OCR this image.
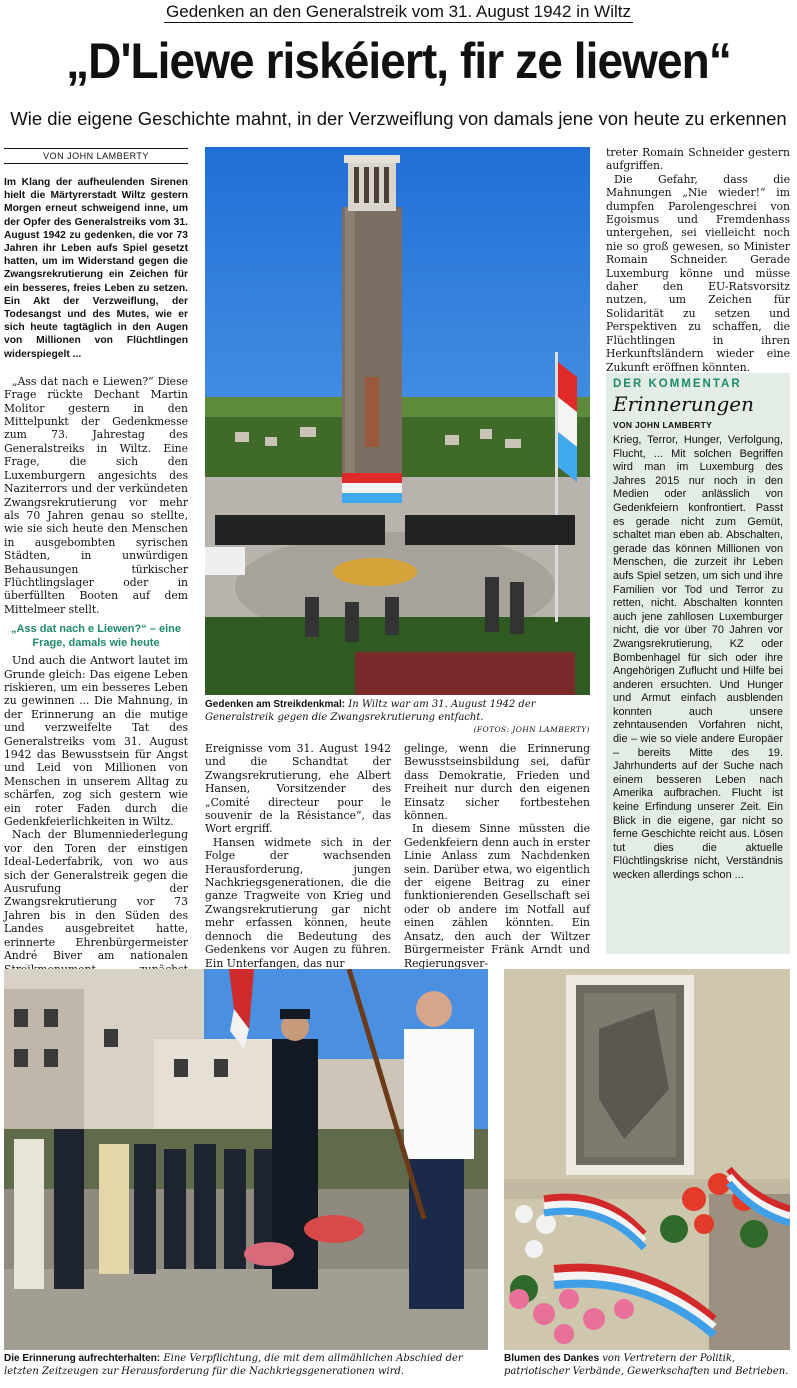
Gedenken an den Generalstreik vom 31. August 1942 in Wiltz
„D'Liewe riskéiert, fir ze liewen“
Wie die eigene Geschichte mahnt, in der Verzweiflung von damals jene von heute zu erkennen
VON JOHN LAMBERTY

Im Klang der aufheulenden Sirenen hielt die Märtyrerstadt Wiltz gestern Morgen erneut schweigend inne, um der Opfer des Generalstreiks vom 31. August 1942 zu gedenken, die vor 73 Jahren ihr Leben aufs Spiel gesetzt hatten, um im Widerstand gegen die Zwangsrekrutierung ein Zeichen für ein besseres, freies Leben zu setzen. Ein Akt der Verzweiflung, der Todesangst und des Mutes, wie er sich heute tagtäglich in den Augen von Millionen von Flüchtlingen widerspiegelt ...

„Ass dat nach e Liewen?“ Diese Frage rückte Dechant Martin Molitor gestern in den Mittelpunkt der Gedenkmesse zum 73. Jahrestag des Generalstreiks in Wiltz. Eine Frage, die sich den Luxemburgern angesichts des Naziterrors und der verkündeten Zwangsrekrutierung vor mehr als 70 Jahren genau so stellte, wie sie sich heute den Menschen in ausgebombten syrischen Städten, in unwürdigen Behausungen türkischer Flüchtlingslager oder in überfüllten Booten auf dem Mittelmeer stellt.

„Ass dat nach e Liewen?“ – eine Frage, damals wie heute

Und auch die Antwort lautet im Grunde gleich: Das eigene Leben riskieren, um ein besseres Leben zu gewinnen ... Die Mahnung, in der Erinnerung an die mutige und verzweifelte Tat des Generalstreiks vom 31. August 1942 das Bewusstsein für Angst und Leid von Millionen von Menschen in unserem Alltag zu schärfen, zog sich gestern wie ein roter Faden durch die Gedenkfeierlichkeiten in Wiltz.

Nach der Blumenniederlegung vor den Toren der einstigen Ideal-Lederfabrik, von wo aus sich der Generalstreik gegen die Ausrufung der Zwangsrekrutierung vor 73 Jahren bis in den Süden des Landes ausgebreitet hatte, erinnerte Ehrenbürgermeister André Biver am nationalen

Gedenken am Streikdenkmal: In Wiltz war am 31. August 1942 der Generalstreik gegen die Zwangsrekrutierung entfacht.
(FOTOS: JOHN LAMBERTY)

Ereignisse vom 31. August 1942 und die Schandtat der Zwangsrekrutierung, ehe Albert Hansen, Vorsitzender des „Comité directeur pour le souvenir de la Résistance“, das Wort ergriff.

Hansen widmete sich in der Folge der wachsenden Herausforderung, jungen Nachkriegsgenerationen, die die ganze Tragweite von Krieg und Zwangsrekrutierung gar nicht mehr erfassen können, heute dennoch die Bedeutung des Gedenkens vor Augen zu führen. Ein Unterfangen, das nur

gelinge, wenn die Erinnerung Bewusstseinsbildung sei, dafür dass Demokratie, Frieden und Freiheit nur durch den eigenen Einsatz sicher fortbestehen können.

In diesem Sinne müssten die Gedenkfeiern denn auch in erster Linie Anlass zum Nachdenken sein. Darüber etwa, wo eigentlich der eigene Beitrag zu einer funktionierenden Gesellschaft sei oder ob andere im Notfall auf einen zählen könnten. Ein Ansatz, den auch der Wiltzer Bürgermeister Fränk Arndt und Regierungsver-

treter Romain Schneider gestern aufgriffen.

Die Gefahr, dass die Mahnungen „Nie wieder!“ im dumpfen Parolengeschrei von Egoismus und Fremdenhass untergehen, sei vielleicht noch nie so groß gewesen, so Minister Romain Schneider. Gerade Luxemburg könne und müsse daher den EU-Ratsvorsitz nutzen, um Zeichen für Solidarität zu setzen und Perspektiven zu schaffen, die Flüchtlingen in ihren Herkunftsländern wieder eine Zukunft eröffnen könnten.

DER KOMMENTAR
Erinnerungen
VON JOHN LAMBERTY
Krieg, Terror, Hunger, Verfolgung, Flucht, ... Mit solchen Begriffen wird man im Luxemburg des Jahres 2015 nur noch in den Medien oder anlässlich von Gedenkfeiern konfrontiert. Passt es gerade nicht zum Gemüt, schaltet man eben ab. Abschalten, gerade das können Millionen von Menschen, die zurzeit ihr Leben aufs Spiel setzen, um sich und ihre Familien vor Tod und Terror zu retten, nicht. Abschalten konnten auch jene zahllosen Luxemburger nicht, die vor über 70 Jahren vor Zwangsrekrutierung, KZ oder Bombenhagel für sich oder ihre Angehörigen Zuflucht und Hilfe bei anderen ersuchten. Und Hunger und Armut einfach ausblenden konnten auch unsere zehntausenden Vorfahren nicht, die – wie so viele andere Europäer – bereits Mitte des 19. Jahrhunderts auf der Suche nach einem besseren Leben nach Amerika aufbrachen. Flucht ist keine Erfindung unserer Zeit. Ein Blick in die eigene, gar nicht so ferne Geschichte reicht aus. Lösen tut dies die aktuelle Flüchtlingskrise nicht, Verständnis wecken allerdings schon ...
Die Erinnerung aufrechterhalten: Eine Verpflichtung, die mit dem allmählichen Abschied der letzten Zeitzeugen zur Herausforderung für die Nachkriegsgenerationen wird.
Blumen des Dankes von Vertretern der Politik, patriotischer Verbände, Gewerkschaften und Betrieben.
